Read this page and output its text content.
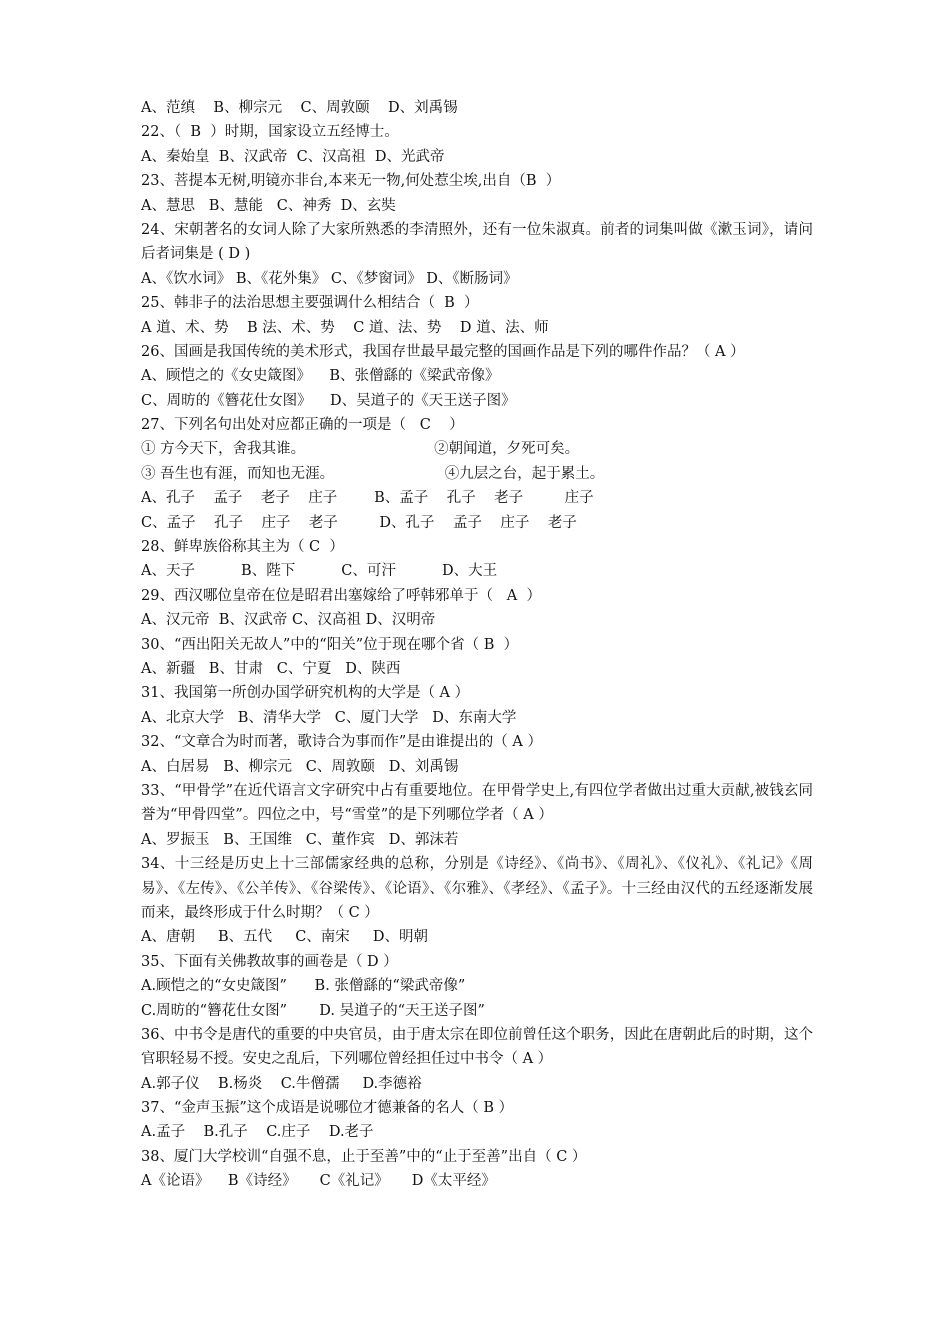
A、范缜    B、柳宗元    C、周敦颐    D、刘禹锡
22、（  B  ）时期，国家设立五经博士。
A、秦始皇  B、汉武帝  C、汉高祖  D、光武帝
23、菩提本无树,明镜亦非台,本来无一物,何处惹尘埃,出自（B  ）
A、慧思   B、慧能   C、神秀  D、玄奘
24、宋朝著名的女词人除了大家所熟悉的李清照外，还有一位朱淑真。前者的词集叫做《漱玉词》，请问后者词集是 ( D )
A、《饮水词》 B、《花外集》 C、《梦窗词》 D、《断肠词》
25、韩非子的法治思想主要强调什么相结合（  B  ）
A 道、术、势    B 法、术、势    C 道、法、势    D 道、法、师
26、国画是我国传统的美术形式，我国存世最早最完整的国画作品是下列的哪件作品？（ A ）
A、顾恺之的《女史箴图》    B、张僧繇的《梁武帝像》
C、周昉的《簪花仕女图》    D、吴道子的《天王送子图》
27、下列名句出处对应都正确的一项是（   C    ）
① 方今天下，舍我其谁。                            ②朝闻道，夕死可矣。
③ 吾生也有涯，而知也无涯。                        ④九层之台，起于累土。
A、孔子    孟子    老子    庄子        B、孟子    孔子    老子         庄子
C、孟子    孔子    庄子    老子         D、孔子    孟子    庄子    老子
28、鲜卑族俗称其主为（ C  ）
A、天子          B、陛下          C、可汗          D、大王
29、西汉哪位皇帝在位是昭君出塞嫁给了呼韩邪单于（   A  ）
A、汉元帝  B、汉武帝 C、汉高祖 D、汉明帝
30、“西出阳关无故人”中的“阳关”位于现在哪个省（ B  ）
A、新疆   B、甘肃   C、宁夏   D、陕西
31、我国第一所创办国学研究机构的大学是（ A ）
A、北京大学   B、清华大学   C、厦门大学   D、东南大学
32、“文章合为时而著，歌诗合为事而作”是由谁提出的（ A ）
A、白居易   B、柳宗元   C、周敦颐   D、刘禹锡
33、“甲骨学”在近代语言文字研究中占有重要地位。在甲骨学史上,有四位学者做出过重大贡献,被钱玄同誉为“甲骨四堂”。四位之中，号“雪堂”的是下列哪位学者（ A ）
A、罗振玉   B、王国维   C、董作宾   D、郭沫若
34、十三经是历史上十三部儒家经典的总称，分别是《诗经》、《尚书》、《周礼》、《仪礼》、《礼记》《周易》、《左传》、《公羊传》、《谷梁传》、《论语》、《尔雅》、《孝经》、《孟子》。十三经由汉代的五经逐渐发展而来，最终形成于什么时期？（ C ）
A、唐朝     B、五代     C、南宋     D、明朝
35、下面有关佛教故事的画卷是（ D ）
A.顾恺之的“女史箴图”      B. 张僧繇的“梁武帝像”
C.周昉的“簪花仕女图”       D. 吴道子的“天王送子图”
36、中书令是唐代的重要的中央官员，由于唐太宗在即位前曾任这个职务，因此在唐朝此后的时期，这个官职轻易不授。安史之乱后，下列哪位曾经担任过中书令（ A ）
A.郭子仪    B.杨炎    C.牛僧孺     D.李德裕
37、“金声玉振”这个成语是说哪位才德兼备的名人（ B ）
A.孟子    B.孔子    C.庄子    D.老子
38、厦门大学校训“自强不息，止于至善”中的“止于至善”出自（ C ）
A《论语》    B《诗经》     C《礼记》     D《太平经》
